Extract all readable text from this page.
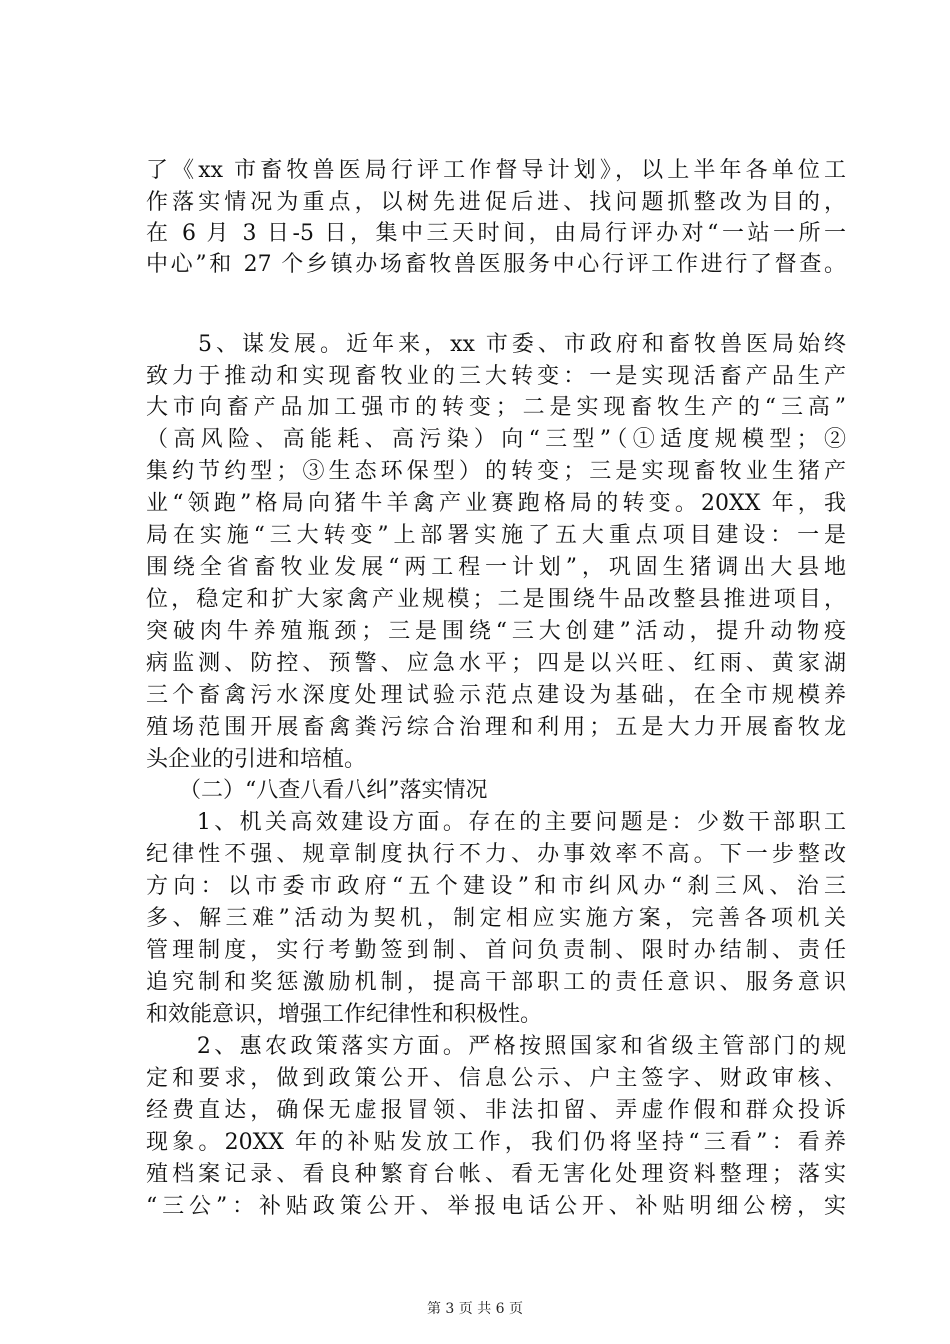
了《xx 市畜牧兽医局行评工作督导计划》，以上半年各单位工
作落实情况为重点，以树先进促后进、找问题抓整改为目的，
在 6 月 3 日-5 日，集中三天时间，由局行评办对“一站一所一
中心”和 27 个乡镇办场畜牧兽医服务中心行评工作进行了督查。
　　5、谋发展。近年来，xx 市委、市政府和畜牧兽医局始终
致力于推动和实现畜牧业的三大转变：一是实现活畜产品生产
大市向畜产品加工强市的转变；二是实现畜牧生产的“三高”
（高风险、高能耗、高污染）向“三型”（①适度规模型；②
集约节约型；③生态环保型）的转变；三是实现畜牧业生猪产
业“领跑”格局向猪牛羊禽产业赛跑格局的转变。20XX 年，我
局在实施“三大转变”上部署实施了五大重点项目建设：一是
围绕全省畜牧业发展“两工程一计划”，巩固生猪调出大县地
位，稳定和扩大家禽产业规模；二是围绕牛品改整县推进项目，
突破肉牛养殖瓶颈；三是围绕“三大创建”活动，提升动物疫
病监测、防控、预警、应急水平；四是以兴旺、红雨、黄家湖
三个畜禽污水深度处理试验示范点建设为基础，在全市规模养
殖场范围开展畜禽粪污综合治理和利用；五是大力开展畜牧龙
头企业的引进和培植。
　　（二）“八查八看八纠”落实情况
　　1、机关高效建设方面。存在的主要问题是：少数干部职工
纪律性不强、规章制度执行不力、办事效率不高。下一步整改
方向：以市委市政府“五个建设”和市纠风办“刹三风、治三
多、解三难”活动为契机，制定相应实施方案，完善各项机关
管理制度，实行考勤签到制、首问负责制、限时办结制、责任
追究制和奖惩激励机制，提高干部职工的责任意识、服务意识
和效能意识，增强工作纪律性和积极性。
　　2、惠农政策落实方面。严格按照国家和省级主管部门的规
定和要求，做到政策公开、信息公示、户主签字、财政审核、
经费直达，确保无虚报冒领、非法扣留、弄虚作假和群众投诉
现象。20XX 年的补贴发放工作，我们仍将坚持“三看”：看养
殖档案记录、看良种繁育台帐、看无害化处理资料整理；落实
“三公”：补贴政策公开、举报电话公开、补贴明细公榜，实
第 3 页 共 6 页
